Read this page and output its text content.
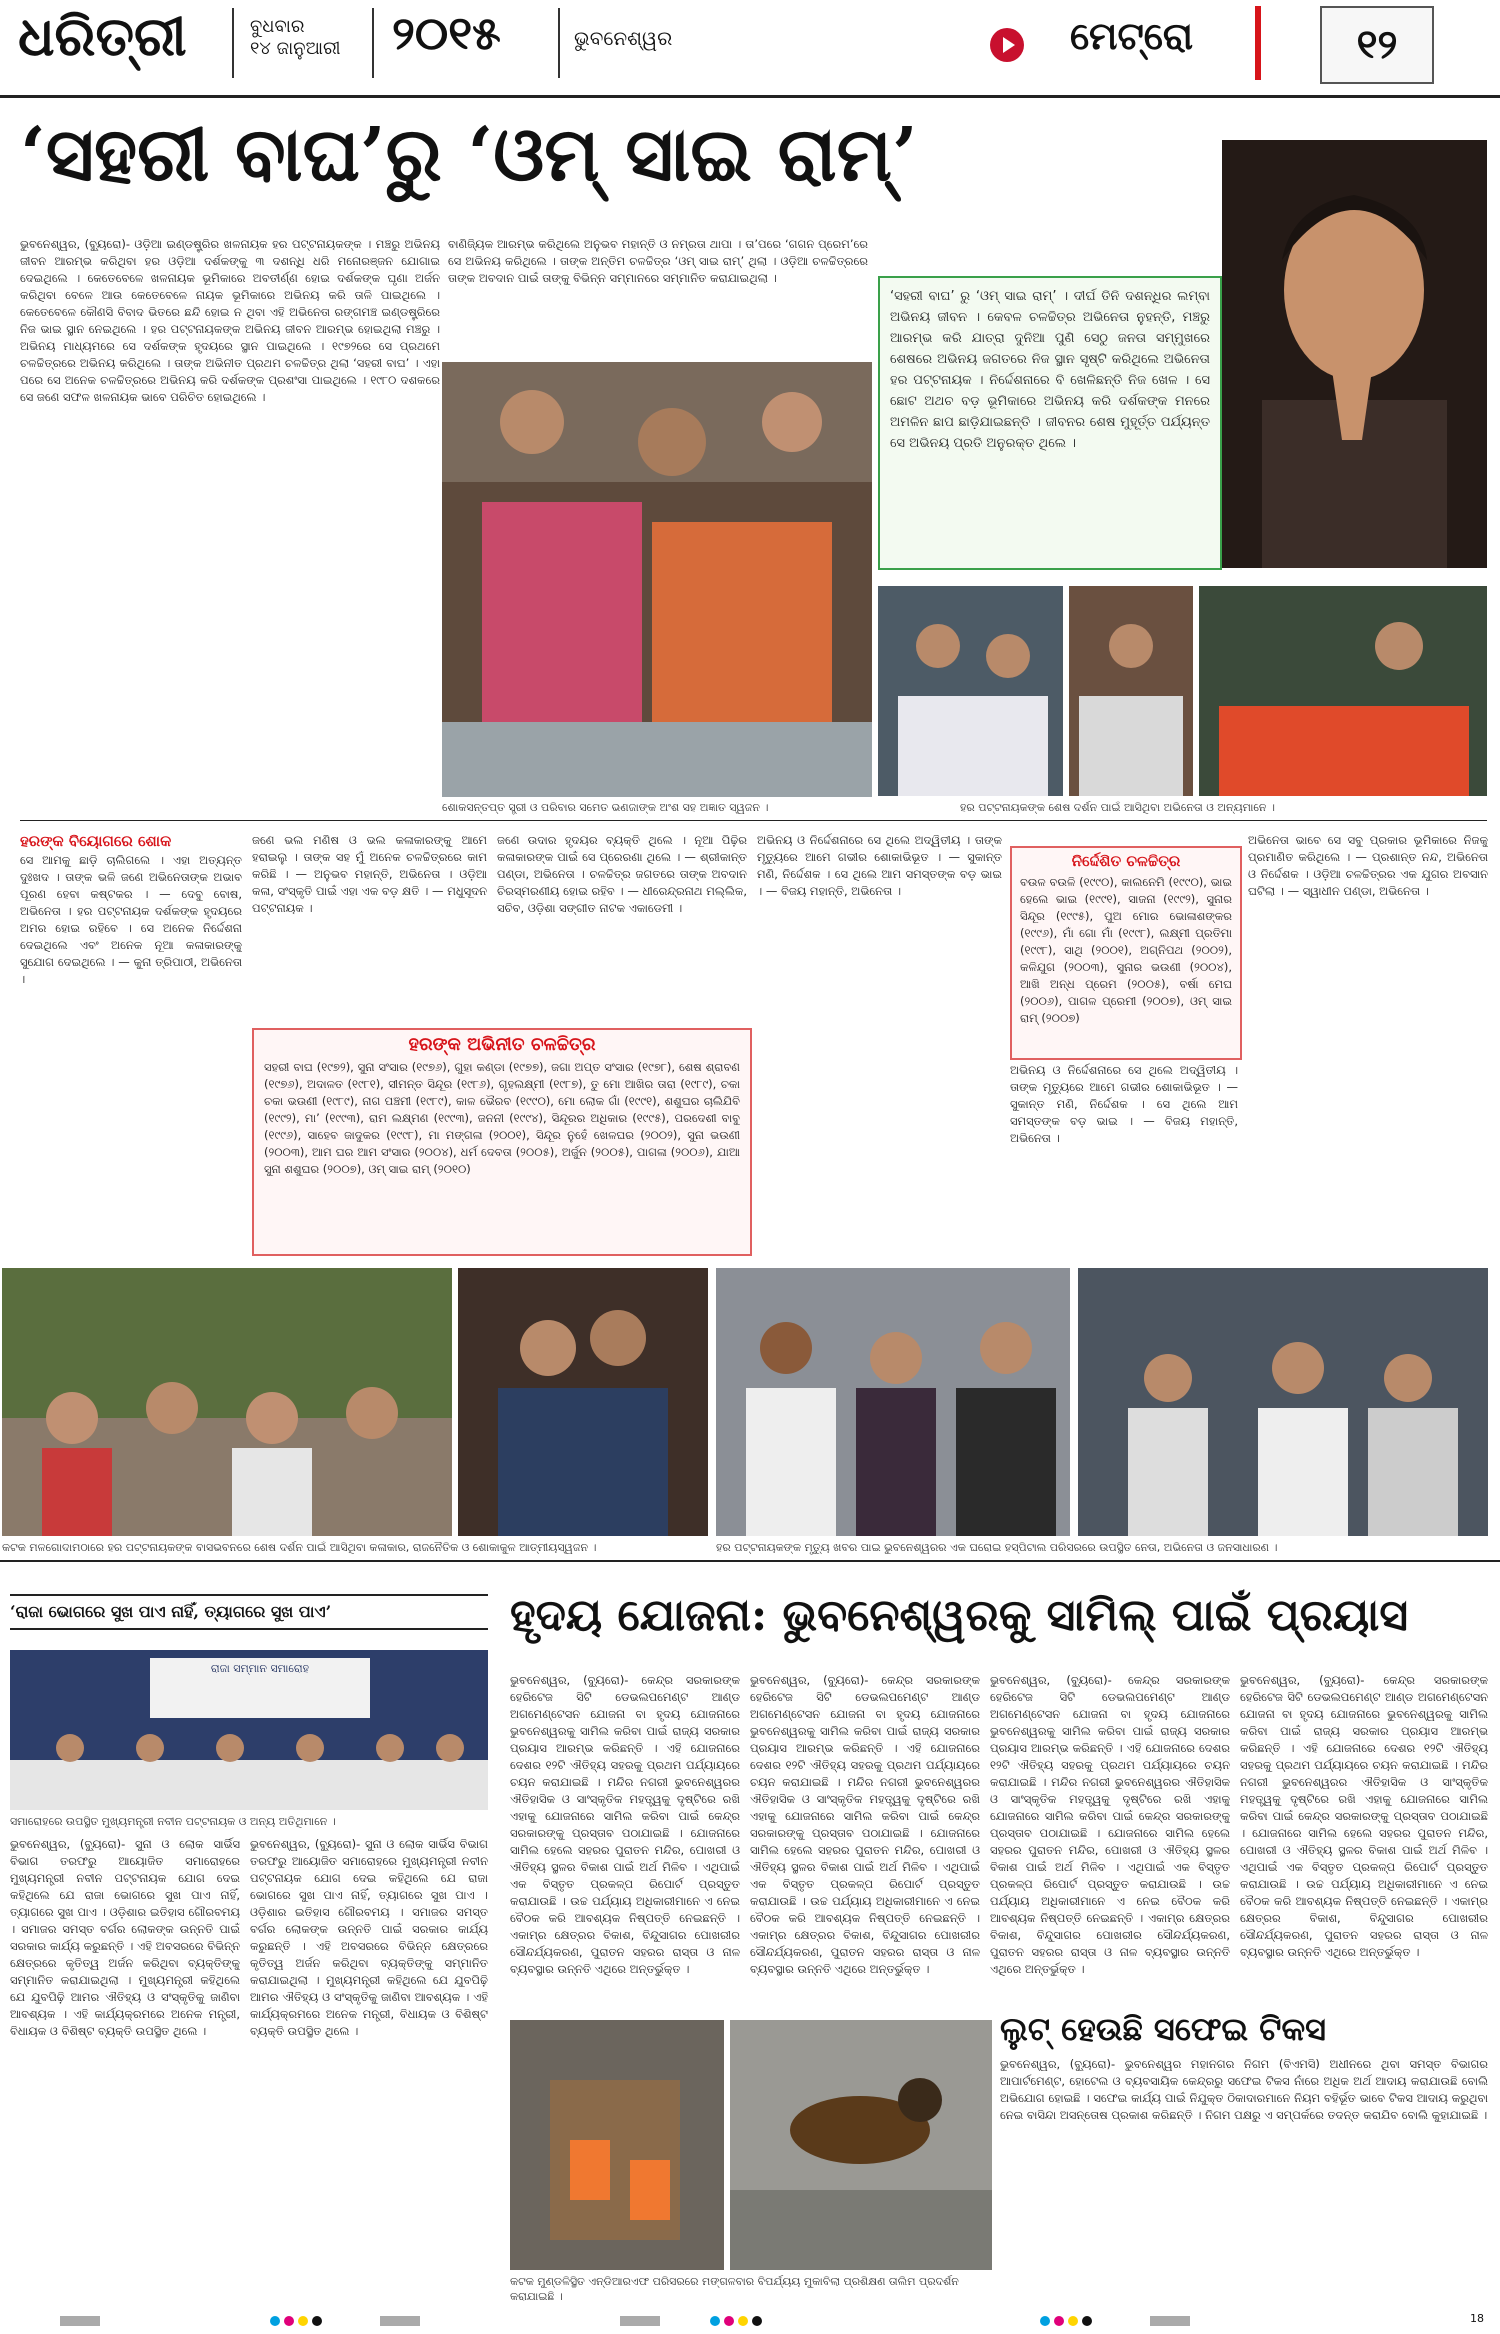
ଧରିତ୍ରୀ	ବୁଧବାର
୧୪ ଜାନୁଆରୀ ୨୦୧୫	ଭୁବନେଶ୍ୱର	ମେଟ୍ରୋ	୧୨
‘ସହରୀ ବାଘ’ରୁ ‘ଓମ୍ ସାଇ ରାମ୍’
ଭୁବନେଶ୍ୱର, (ବ୍ୟୁରୋ)- ଓଡ଼ିଆ ଇଣ୍ଡଷ୍ଟ୍ରିର ଖଳନାୟକ ହର ପଟ୍ଟନାୟକଙ୍କ । ମଞ୍ଚରୁ ଅଭିନୟ ଜୀବନ ଆରମ୍ଭ କରିଥିବା ହର ଓଡ଼ିଆ ଦର୍ଶକଙ୍କୁ ୩ ଦଶନ୍ଧି ଧରି ମନୋରଞ୍ଜନ ଯୋଗାଇ ଦେଇଥିଲେ । କେତେବେଳେ ଖଳନାୟକ ଭୂମିକାରେ ଅବତୀର୍ଣ୍ଣ ହୋଇ ଦର୍ଶକଙ୍କ ଘୃଣା ଅର୍ଜନ କରିଥିବା ବେଳେ ଆଉ କେତେବେଳେ ନାୟକ ଭୂମିକାରେ ଅଭିନୟ କରି ତାଳି ପାଇଥିଲେ । କେତେବେଳେ କୌଣସି ବିବାଦ ଭିତରେ ଛନ୍ଦି ହୋଇ ନ ଥିବା ଏହି ଅଭିନେତା ରଙ୍ଗମଞ୍ଚ ଇଣ୍ଡଷ୍ଟ୍ରିରେ ନିଜ ଭାଇ ସ୍ଥାନ ନେଇଥିଲେ । ହର ପଟ୍ଟନାୟକଙ୍କ ଅଭିନୟ ଜୀବନ ଆରମ୍ଭ ହୋଇଥିଲା ମଞ୍ଚରୁ । ଅଭିନୟ ମାଧ୍ୟମରେ ସେ ଦର୍ଶକଙ୍କ ହୃଦୟରେ ସ୍ଥାନ ପାଇଥିଲେ । ୧୯୭୨ରେ ସେ ପ୍ରଥମେ ଚଳଚ୍ଚିତ୍ରରେ ଅଭିନୟ କରିଥିଲେ । ତାଙ୍କ ଅଭିନୀତ ପ୍ରଥମ ଚଳଚ୍ଚିତ୍ର ଥିଲା ‘ସହରୀ ବାଘ’ । ଏହା ପରେ ସେ ଅନେକ ଚଳଚ୍ଚିତ୍ରରେ ଅଭିନୟ କରି ଦର୍ଶକଙ୍କ ପ୍ରଶଂସା ପାଇଥିଲେ । ୧୯୮୦ ଦଶକରେ ସେ ଜଣେ ସଫଳ ଖଳନାୟକ ଭାବେ ପରିଚିତ ହୋଇଥିଲେ ।
ବାଣିଜ୍ୟିକ ଆରମ୍ଭ କରିଥିଲେ ଅନୁଭବ ମହାନ୍ତି ଓ ନମ୍ରତା ଥାପା । ତା’ପରେ ‘ଗଗନ ପ୍ରେମ’ରେ ସେ ଅଭିନୟ କରିଥିଲେ । ତାଙ୍କ ଅନ୍ତିମ ଚଳଚ୍ଚିତ୍ର ‘ଓମ୍ ସାଇ ରାମ୍’ ଥିଲା । ଓଡ଼ିଆ ଚଳଚ୍ଚିତ୍ରରେ ତାଙ୍କ ଅବଦାନ ପାଇଁ ତାଙ୍କୁ ବିଭିନ୍ନ ସମ୍ମାନରେ ସମ୍ମାନିତ କରାଯାଇଥିଲା ।
‘ସହରୀ ବାଘ’ ରୁ ‘ଓମ୍ ସାଇ ରାମ୍’ । ଦୀର୍ଘ ତିନି ଦଶନ୍ଧିର ଲମ୍ବା ଅଭିନୟ ଜୀବନ । କେବଳ ଚଳଚ୍ଚିତ୍ର ଅଭିନେତା ନୁହନ୍ତି, ମଞ୍ଚରୁ ଆରମ୍ଭ କରି ଯାତ୍ରା ଦୁନିଆ ପୁଣି ସେଠୁ ଜନତା ସମ୍ମୁଖରେ ଶେଷରେ ଅଭିନୟ ଜଗତରେ ନିଜ ସ୍ଥାନ ସୃଷ୍ଟି କରିଥିଲେ ଅଭିନେତା ହର ପଟ୍ଟନାୟକ । ନିର୍ଦ୍ଦେଶନାରେ ବି ଖେଳିଛନ୍ତି ନିଜ ଖେଳ । ସେ ଛୋଟ ଅଥଚ ବଡ଼ ଭୂମିକାରେ ଅଭିନୟ କରି ଦର୍ଶକଙ୍କ ମନରେ ଅମଳିନ ଛାପ ଛାଡ଼ିଯାଇଛନ୍ତି । ଜୀବନର ଶେଷ ମୁହୂର୍ତ୍ତ ପର୍ଯ୍ୟନ୍ତ ସେ ଅଭିନୟ ପ୍ରତି ଅନୁରକ୍ତ ଥିଲେ ।
ଶୋକସନ୍ତପ୍ତ ସ୍ତ୍ରୀ ଓ ପରିବାର ସମେତ ଭଣଜାଙ୍କ ଅଂଶ ସହ ଅଜ୍ଞାତ ସ୍ୱଜନ ।	ହର ପଟ୍ଟନାୟକଙ୍କ ଶେଷ ଦର୍ଶନ ପାଇଁ ଆସିଥିବା ଅଭିନେତା ଓ ଅନ୍ୟମାନେ ।
ହରଙ୍କ ବିୟୋଗରେ ଶୋକ
ସେ ଆମକୁ ଛାଡ଼ି ଚାଲିଗଲେ । ଏହା ଅତ୍ୟନ୍ତ ଦୁଃଖଦ । ତାଙ୍କ ଭଳି ଜଣେ ଅଭିନେତାଙ୍କ ଅଭାବ ପୂରଣ ହେବା କଷ୍ଟକର । — ଦେବୁ ବୋଷ, ଅଭିନେତା । ହର ପଟ୍ଟନାୟକ ଦର୍ଶକଙ୍କ ହୃଦୟରେ ଅମର ହୋଇ ରହିବେ । ସେ ଅନେକ ନିର୍ଦ୍ଦେଶନା ଦେଇଥିଲେ ଏବଂ ଅନେକ ନୂଆ କଳାକାରଙ୍କୁ ସୁଯୋଗ ଦେଇଥିଲେ । — କୁନା ତ୍ରିପାଠୀ, ଅଭିନେତା ।
ଜଣେ ଭଲ ମଣିଷ ଓ ଭଲ କଳାକାରଙ୍କୁ ଆମେ ହରାଇଲୁ । ତାଙ୍କ ସହ ମୁଁ ଅନେକ ଚଳଚ୍ଚିତ୍ରରେ କାମ କରିଛି । — ଅନୁଭବ ମହାନ୍ତି, ଅଭିନେତା । ଓଡ଼ିଆ କଳା, ସଂସ୍କୃତି ପାଇଁ ଏହା ଏକ ବଡ଼ କ୍ଷତି । — ମଧୁସୂଦନ ପଟ୍ଟନାୟକ ।
ଜଣେ ଉଦାର ହୃଦୟର ବ୍ୟକ୍ତି ଥିଲେ । ନୂଆ ପିଢ଼ିର କଳାକାରଙ୍କ ପାଇଁ ସେ ପ୍ରେରଣା ଥିଲେ । — ଶ୍ରୀକାନ୍ତ ପଣ୍ଡା, ଅଭିନେତା । ଚଳଚ୍ଚିତ୍ର ଜଗତରେ ତାଙ୍କ ଅବଦାନ ଚିରସ୍ମରଣୀୟ ହୋଇ ରହିବ । — ଧୀରେନ୍ଦ୍ରନାଥ ମଲ୍ଲିକ, ସଚିବ, ଓଡ଼ିଶା ସଙ୍ଗୀତ ନାଟକ ଏକାଡେମୀ ।
ଅଭିନୟ ଓ ନିର୍ଦ୍ଦେଶନାରେ ସେ ଥିଲେ ଅଦ୍ୱିତୀୟ । ତାଙ୍କ ମୃତ୍ୟୁରେ ଆମେ ଗଭୀର ଶୋକାଭିଭୂତ । — ସୁକାନ୍ତ ମଣି, ନିର୍ଦ୍ଦେଶକ । ସେ ଥିଲେ ଆମ ସମସ୍ତଙ୍କ ବଡ଼ ଭାଇ । — ବିଜୟ ମହାନ୍ତି, ଅଭିନେତା ।
ନିର୍ଦ୍ଦେଶିତ ଚଳଚ୍ଚିତ୍ର
ବଉଳ ବଉଳି (୧୯୯୦), କାଲନେମି (୧୯୯୦), ଭାଇ ହେଲେ ଭାଇ (୧୯୯୧), ସାଜନା (୧୯୯୨), ସୁନାର ସିନ୍ଦୂର (୧୯୯୫), ପୁଅ ମୋର ଭୋଳାଶଙ୍କର (୧୯୯୬), ମାଁ ଗୋ ମାଁ (୧୯୯୮), ଲକ୍ଷ୍ମୀ ପ୍ରତିମା (୧୯୯୮), ସାଥି (୨୦୦୧), ଅଗ୍ନିପଥ (୨୦୦୨), କଳିଯୁଗ (୨୦୦୩), ସୁନାର ଭଉଣୀ (୨୦୦୪), ଆଖି ଅନ୍ଧ ପ୍ରେମ (୨୦୦୫), ବର୍ଷା ମେଘ (୨୦୦୬), ପାଗଳ ପ୍ରେମୀ (୨୦୦୭), ଓମ୍ ସାଇ ରାମ୍ (୨୦୦୭)
ଅଭିନୟ ଓ ନିର୍ଦ୍ଦେଶନାରେ ସେ ଥିଲେ ଅଦ୍ୱିତୀୟ । ତାଙ୍କ ମୃତ୍ୟୁରେ ଆମେ ଗଭୀର ଶୋକାଭିଭୂତ । — ସୁକାନ୍ତ ମଣି, ନିର୍ଦ୍ଦେଶକ । ସେ ଥିଲେ ଆମ ସମସ୍ତଙ୍କ ବଡ଼ ଭାଇ । — ବିଜୟ ମହାନ୍ତି, ଅଭିନେତା ।
ଅଭିନେତା ଭାବେ ସେ ସବୁ ପ୍ରକାର ଭୂମିକାରେ ନିଜକୁ ପ୍ରମାଣିତ କରିଥିଲେ । — ପ୍ରଶାନ୍ତ ନନ୍ଦ, ଅଭିନେତା ଓ ନିର୍ଦ୍ଦେଶକ । ଓଡ଼ିଆ ଚଳଚ୍ଚିତ୍ରର ଏକ ଯୁଗର ଅବସାନ ଘଟିଲା । — ସ୍ୱାଧୀନ ପଣ୍ଡା, ଅଭିନେତା ।
ହରଙ୍କ ଅଭିନୀତ ଚଳଚ୍ଚିତ୍ର
ସହରୀ ବାଘ (୧୯୭୨), ସୁନା ସଂସାର (୧୯୭୬), ଗୁହା କଣ୍ଡା (୧୯୭୭), ଜଗା ଅପ୍ତ ସଂସାର (୧୯୭୮), ଶେଷ ଶ୍ରାବଣ (୧୯୭୬), ଅଦାଳତ (୧୯୮୧), ସୀମନ୍ତ ସିନ୍ଦୂର (୧୯୮୬), ଗୃହଲକ୍ଷ୍ମୀ (୧୯୮୭), ତୁ ମୋ ଆଖିର ତାରା (୧୯୮୯), ଚକା ଚକା ଭଉଣୀ (୧୯୮୯), ନାଗ ପଞ୍ଚମୀ (୧୯୮୯), କାଳ ଭୈରବ (୧୯୯୦), ମୋ ଲୋକ ଗାଁ (୧୯୯୧), ଶଶୁଘର ଚାଲିଯିବି (୧୯୯୨), ମା’ (୧୯୯୩), ରାମ ଲକ୍ଷ୍ମଣ (୧୯୯୩), ଜନନୀ (୧୯୯୪), ସିନ୍ଦୂରର ଅଧିକାର (୧୯୯୫), ପରଦେଶୀ ବାବୁ (୧୯୯୬), ସାହେବ ଜାଦୁକର (୧୯୯୮), ମା ମଙ୍ଗଳା (୨୦୦୧), ସିନ୍ଦୂର ନୁହେଁ ଖେଳଘର (୨୦୦୨), ସୁନା ଭଉଣୀ (୨୦୦୩), ଆମ ଘର ଆମ ସଂସାର (୨୦୦୪), ଧର୍ମ ଦେବତା (୨୦୦୫), ଅର୍ଜୁନ (୨୦୦୫), ପାଗଳା (୨୦୦୬), ଯାଆ ସୁନା ଶଶୁଘର (୨୦୦୭), ଓମ୍ ସାଇ ରାମ୍ (୨୦୧୦)
କଟକ ମଳଗୋଦାମଠାରେ ହର ପଟ୍ଟନାୟକଙ୍କ ବାସଭବନରେ ଶେଷ ଦର୍ଶନ ପାଇଁ ଆସିଥିବା କଳାକାର, ରାଜନୈତିକ ଓ ଶୋକାକୁଳ ଆତ୍ମୀୟସ୍ୱଜନ ।	ହର ପଟ୍ଟନାୟକଙ୍କ ମୃତ୍ୟୁ ଖବର ପାଇ ଭୁବନେଶ୍ୱରର ଏକ ଘରୋଇ ହସ୍ପିଟାଲ ପରିସରରେ ଉପସ୍ଥିତ ନେତା, ଅଭିନେତା ଓ ଜନସାଧାରଣ ।
‘ରାଜା ଭୋଗରେ ସୁଖ ପାଏ ନାହିଁ, ତ୍ୟାଗରେ ସୁଖ ପାଏ’
ରାଜା ସମ୍ମାନ ସମାରୋହ
ସମାରୋହରେ ଉପସ୍ଥିତ ମୁଖ୍ୟମନ୍ତ୍ରୀ ନବୀନ ପଟ୍ଟନାୟକ ଓ ଅନ୍ୟ ଅତିଥିମାନେ ।
ଭୁବନେଶ୍ୱର, (ବ୍ୟୁରୋ)- ସୁନା ଓ ଲୋକ ସାର୍ଭିସ ବିଭାଗ ତରଫରୁ ଆୟୋଜିତ ସମାରୋହରେ ମୁଖ୍ୟମନ୍ତ୍ରୀ ନବୀନ ପଟ୍ଟନାୟକ ଯୋଗ ଦେଇ କହିଥିଲେ ଯେ ରାଜା ଭୋଗରେ ସୁଖ ପାଏ ନାହିଁ, ତ୍ୟାଗରେ ସୁଖ ପାଏ । ଓଡ଼ିଶାର ଇତିହାସ ଗୌରବମୟ । ସମାଜର ସମସ୍ତ ବର୍ଗର ଲୋକଙ୍କ ଉନ୍ନତି ପାଇଁ ସରକାର କାର୍ଯ୍ୟ କରୁଛନ୍ତି । ଏହି ଅବସରରେ ବିଭିନ୍ନ କ୍ଷେତ୍ରରେ କୃତିତ୍ୱ ଅର୍ଜନ କରିଥିବା ବ୍ୟକ୍ତିଙ୍କୁ ସମ୍ମାନିତ କରାଯାଇଥିଲା । ମୁଖ୍ୟମନ୍ତ୍ରୀ କହିଥିଲେ ଯେ ଯୁବପିଢ଼ି ଆମର ଐତିହ୍ୟ ଓ ସଂସ୍କୃତିକୁ ଜାଣିବା ଆବଶ୍ୟକ । ଏହି କାର୍ଯ୍ୟକ୍ରମରେ ଅନେକ ମନ୍ତ୍ରୀ, ବିଧାୟକ ଓ ବିଶିଷ୍ଟ ବ୍ୟକ୍ତି ଉପସ୍ଥିତ ଥିଲେ ।
ଭୁବନେଶ୍ୱର, (ବ୍ୟୁରୋ)- ସୁନା ଓ ଲୋକ ସାର୍ଭିସ ବିଭାଗ ତରଫରୁ ଆୟୋଜିତ ସମାରୋହରେ ମୁଖ୍ୟମନ୍ତ୍ରୀ ନବୀନ ପଟ୍ଟନାୟକ ଯୋଗ ଦେଇ କହିଥିଲେ ଯେ ରାଜା ଭୋଗରେ ସୁଖ ପାଏ ନାହିଁ, ତ୍ୟାଗରେ ସୁଖ ପାଏ । ଓଡ଼ିଶାର ଇତିହାସ ଗୌରବମୟ । ସମାଜର ସମସ୍ତ ବର୍ଗର ଲୋକଙ୍କ ଉନ୍ନତି ପାଇଁ ସରକାର କାର୍ଯ୍ୟ କରୁଛନ୍ତି । ଏହି ଅବସରରେ ବିଭିନ୍ନ କ୍ଷେତ୍ରରେ କୃତିତ୍ୱ ଅର୍ଜନ କରିଥିବା ବ୍ୟକ୍ତିଙ୍କୁ ସମ୍ମାନିତ କରାଯାଇଥିଲା । ମୁଖ୍ୟମନ୍ତ୍ରୀ କହିଥିଲେ ଯେ ଯୁବପିଢ଼ି ଆମର ଐତିହ୍ୟ ଓ ସଂସ୍କୃତିକୁ ଜାଣିବା ଆବଶ୍ୟକ । ଏହି କାର୍ଯ୍ୟକ୍ରମରେ ଅନେକ ମନ୍ତ୍ରୀ, ବିଧାୟକ ଓ ବିଶିଷ୍ଟ ବ୍ୟକ୍ତି ଉପସ୍ଥିତ ଥିଲେ ।
ହୃଦୟ ଯୋଜନା: ଭୁବନେଶ୍ୱରକୁ ସାମିଲ୍ ପାଇଁ ପ୍ରୟାସ
ଭୁବନେଶ୍ୱର, (ବ୍ୟୁରୋ)- କେନ୍ଦ୍ର ସରକାରଙ୍କ ହେରିଟେଜ ସିଟି ଡେଭଲପମେଣ୍ଟ ଆଣ୍ଡ ଅଗମେଣ୍ଟେସନ ଯୋଜନା ବା ହୃଦୟ ଯୋଜନାରେ ଭୁବନେଶ୍ୱରକୁ ସାମିଲ କରିବା ପାଇଁ ରାଜ୍ୟ ସରକାର ପ୍ରୟାସ ଆରମ୍ଭ କରିଛନ୍ତି । ଏହି ଯୋଜନାରେ ଦେଶର ୧୨ଟି ଐତିହ୍ୟ ସହରକୁ ପ୍ରଥମ ପର୍ଯ୍ୟାୟରେ ଚୟନ କରାଯାଇଛି । ମନ୍ଦିର ନଗରୀ ଭୁବନେଶ୍ୱରର ଐତିହାସିକ ଓ ସାଂସ୍କୃତିକ ମହତ୍ତ୍ୱକୁ ଦୃଷ୍ଟିରେ ରଖି ଏହାକୁ ଯୋଜନାରେ ସାମିଲ କରିବା ପାଇଁ କେନ୍ଦ୍ର ସରକାରଙ୍କୁ ପ୍ରସ୍ତାବ ପଠାଯାଇଛି । ଯୋଜନାରେ ସାମିଲ ହେଲେ ସହରର ପୁରାତନ ମନ୍ଦିର, ପୋଖରୀ ଓ ଐତିହ୍ୟ ସ୍ଥଳର ବିକାଶ ପାଇଁ ଅର୍ଥ ମିଳିବ । ଏଥିପାଇଁ ଏକ ବିସ୍ତୃତ ପ୍ରକଳ୍ପ ରିପୋର୍ଟ ପ୍ରସ୍ତୁତ କରାଯାଉଛି । ଉଚ୍ଚ ପର୍ଯ୍ୟାୟ ଅଧିକାରୀମାନେ ଏ ନେଇ ବୈଠକ କରି ଆବଶ୍ୟକ ନିଷ୍ପତ୍ତି ନେଇଛନ୍ତି । ଏକାମ୍ର କ୍ଷେତ୍ରର ବିକାଶ, ବିନ୍ଦୁସାଗର ପୋଖରୀର ସୌନ୍ଦର୍ଯ୍ୟକରଣ, ପୁରାତନ ସହରର ରାସ୍ତା ଓ ନାଳ ବ୍ୟବସ୍ଥାର ଉନ୍ନତି ଏଥିରେ ଅନ୍ତର୍ଭୁକ୍ତ ।
ଭୁବନେଶ୍ୱର, (ବ୍ୟୁରୋ)- କେନ୍ଦ୍ର ସରକାରଙ୍କ ହେରିଟେଜ ସିଟି ଡେଭଲପମେଣ୍ଟ ଆଣ୍ଡ ଅଗମେଣ୍ଟେସନ ଯୋଜନା ବା ହୃଦୟ ଯୋଜନାରେ ଭୁବନେଶ୍ୱରକୁ ସାମିଲ କରିବା ପାଇଁ ରାଜ୍ୟ ସରକାର ପ୍ରୟାସ ଆରମ୍ଭ କରିଛନ୍ତି । ଏହି ଯୋଜନାରେ ଦେଶର ୧୨ଟି ଐତିହ୍ୟ ସହରକୁ ପ୍ରଥମ ପର୍ଯ୍ୟାୟରେ ଚୟନ କରାଯାଇଛି । ମନ୍ଦିର ନଗରୀ ଭୁବନେଶ୍ୱରର ଐତିହାସିକ ଓ ସାଂସ୍କୃତିକ ମହତ୍ତ୍ୱକୁ ଦୃଷ୍ଟିରେ ରଖି ଏହାକୁ ଯୋଜନାରେ ସାମିଲ କରିବା ପାଇଁ କେନ୍ଦ୍ର ସରକାରଙ୍କୁ ପ୍ରସ୍ତାବ ପଠାଯାଇଛି । ଯୋଜନାରେ ସାମିଲ ହେଲେ ସହରର ପୁରାତନ ମନ୍ଦିର, ପୋଖରୀ ଓ ଐତିହ୍ୟ ସ୍ଥଳର ବିକାଶ ପାଇଁ ଅର୍ଥ ମିଳିବ । ଏଥିପାଇଁ ଏକ ବିସ୍ତୃତ ପ୍ରକଳ୍ପ ରିପୋର୍ଟ ପ୍ରସ୍ତୁତ କରାଯାଉଛି । ଉଚ୍ଚ ପର୍ଯ୍ୟାୟ ଅଧିକାରୀମାନେ ଏ ନେଇ ବୈଠକ କରି ଆବଶ୍ୟକ ନିଷ୍ପତ୍ତି ନେଇଛନ୍ତି । ଏକାମ୍ର କ୍ଷେତ୍ରର ବିକାଶ, ବିନ୍ଦୁସାଗର ପୋଖରୀର ସୌନ୍ଦର୍ଯ୍ୟକରଣ, ପୁରାତନ ସହରର ରାସ୍ତା ଓ ନାଳ ବ୍ୟବସ୍ଥାର ଉନ୍ନତି ଏଥିରେ ଅନ୍ତର୍ଭୁକ୍ତ ।
ଭୁବନେଶ୍ୱର, (ବ୍ୟୁରୋ)- କେନ୍ଦ୍ର ସରକାରଙ୍କ ହେରିଟେଜ ସିଟି ଡେଭଲପମେଣ୍ଟ ଆଣ୍ଡ ଅଗମେଣ୍ଟେସନ ଯୋଜନା ବା ହୃଦୟ ଯୋଜନାରେ ଭୁବନେଶ୍ୱରକୁ ସାମିଲ କରିବା ପାଇଁ ରାଜ୍ୟ ସରକାର ପ୍ରୟାସ ଆରମ୍ଭ କରିଛନ୍ତି । ଏହି ଯୋଜନାରେ ଦେଶର ୧୨ଟି ଐତିହ୍ୟ ସହରକୁ ପ୍ରଥମ ପର୍ଯ୍ୟାୟରେ ଚୟନ କରାଯାଇଛି । ମନ୍ଦିର ନଗରୀ ଭୁବନେଶ୍ୱରର ଐତିହାସିକ ଓ ସାଂସ୍କୃତିକ ମହତ୍ତ୍ୱକୁ ଦୃଷ୍ଟିରେ ରଖି ଏହାକୁ ଯୋଜନାରେ ସାମିଲ କରିବା ପାଇଁ କେନ୍ଦ୍ର ସରକାରଙ୍କୁ ପ୍ରସ୍ତାବ ପଠାଯାଇଛି । ଯୋଜନାରେ ସାମିଲ ହେଲେ ସହରର ପୁରାତନ ମନ୍ଦିର, ପୋଖରୀ ଓ ଐତିହ୍ୟ ସ୍ଥଳର ବିକାଶ ପାଇଁ ଅର୍ଥ ମିଳିବ । ଏଥିପାଇଁ ଏକ ବିସ୍ତୃତ ପ୍ରକଳ୍ପ ରିପୋର୍ଟ ପ୍ରସ୍ତୁତ କରାଯାଉଛି । ଉଚ୍ଚ ପର୍ଯ୍ୟାୟ ଅଧିକାରୀମାନେ ଏ ନେଇ ବୈଠକ କରି ଆବଶ୍ୟକ ନିଷ୍ପତ୍ତି ନେଇଛନ୍ତି । ଏକାମ୍ର କ୍ଷେତ୍ରର ବିକାଶ, ବିନ୍ଦୁସାଗର ପୋଖରୀର ସୌନ୍ଦର୍ଯ୍ୟକରଣ, ପୁରାତନ ସହରର ରାସ୍ତା ଓ ନାଳ ବ୍ୟବସ୍ଥାର ଉନ୍ନତି ଏଥିରେ ଅନ୍ତର୍ଭୁକ୍ତ ।
ଭୁବନେଶ୍ୱର, (ବ୍ୟୁରୋ)- କେନ୍ଦ୍ର ସରକାରଙ୍କ ହେରିଟେଜ ସିଟି ଡେଭଲପମେଣ୍ଟ ଆଣ୍ଡ ଅଗମେଣ୍ଟେସନ ଯୋଜନା ବା ହୃଦୟ ଯୋଜନାରେ ଭୁବନେଶ୍ୱରକୁ ସାମିଲ କରିବା ପାଇଁ ରାଜ୍ୟ ସରକାର ପ୍ରୟାସ ଆରମ୍ଭ କରିଛନ୍ତି । ଏହି ଯୋଜନାରେ ଦେଶର ୧୨ଟି ଐତିହ୍ୟ ସହରକୁ ପ୍ରଥମ ପର୍ଯ୍ୟାୟରେ ଚୟନ କରାଯାଇଛି । ମନ୍ଦିର ନଗରୀ ଭୁବନେଶ୍ୱରର ଐତିହାସିକ ଓ ସାଂସ୍କୃତିକ ମହତ୍ତ୍ୱକୁ ଦୃଷ୍ଟିରେ ରଖି ଏହାକୁ ଯୋଜନାରେ ସାମିଲ କରିବା ପାଇଁ କେନ୍ଦ୍ର ସରକାରଙ୍କୁ ପ୍ରସ୍ତାବ ପଠାଯାଇଛି । ଯୋଜନାରେ ସାମିଲ ହେଲେ ସହରର ପୁରାତନ ମନ୍ଦିର, ପୋଖରୀ ଓ ଐତିହ୍ୟ ସ୍ଥଳର ବିକାଶ ପାଇଁ ଅର୍ଥ ମିଳିବ । ଏଥିପାଇଁ ଏକ ବିସ୍ତୃତ ପ୍ରକଳ୍ପ ରିପୋର୍ଟ ପ୍ରସ୍ତୁତ କରାଯାଉଛି । ଉଚ୍ଚ ପର୍ଯ୍ୟାୟ ଅଧିକାରୀମାନେ ଏ ନେଇ ବୈଠକ କରି ଆବଶ୍ୟକ ନିଷ୍ପତ୍ତି ନେଇଛନ୍ତି । ଏକାମ୍ର କ୍ଷେତ୍ରର ବିକାଶ, ବିନ୍ଦୁସାଗର ପୋଖରୀର ସୌନ୍ଦର୍ଯ୍ୟକରଣ, ପୁରାତନ ସହରର ରାସ୍ତା ଓ ନାଳ ବ୍ୟବସ୍ଥାର ଉନ୍ନତି ଏଥିରେ ଅନ୍ତର୍ଭୁକ୍ତ ।
କଟକ ମୁଣ୍ଡଳିସ୍ଥିତ ଏନ୍‌ଡିଆରଏଫ ପରିସରରେ ମଙ୍ଗଳବାର ବିପର୍ଯ୍ୟୟ ମୁକାବିଲା ପ୍ରଶିକ୍ଷଣ ତାଲିମ ପ୍ରଦର୍ଶନ କରାଯାଇଛି ।
ଲୁଟ୍ ହେଉଛି ସଫେଇ ଟିକସ
ଭୁବନେଶ୍ୱର, (ବ୍ୟୁରୋ)- ଭୁବନେଶ୍ୱର ମହାନଗର ନିଗମ (ବିଏମସି) ଅଧୀନରେ ଥିବା ସମସ୍ତ ବିଭାଗର ଆପାର୍ଟମେଣ୍ଟ, ହୋଟେଲ ଓ ବ୍ୟବସାୟିକ କେନ୍ଦ୍ରରୁ ସଫେଇ ଟିକସ ନାଁରେ ଅଧିକ ଅର୍ଥ ଆଦାୟ କରାଯାଉଛି ବୋଲି ଅଭିଯୋଗ ହୋଇଛି । ସଫେଇ କାର୍ଯ୍ୟ ପାଇଁ ନିଯୁକ୍ତ ଠିକାଦାରମାନେ ନିୟମ ବହିର୍ଭୂତ ଭାବେ ଟିକସ ଆଦାୟ କରୁଥିବା ନେଇ ବାସିନ୍ଦା ଅସନ୍ତୋଷ ପ୍ରକାଶ କରିଛନ୍ତି । ନିଗମ ପକ୍ଷରୁ ଏ ସମ୍ପର୍କରେ ତଦନ୍ତ କରାଯିବ ବୋଲି କୁହାଯାଇଛି ।
18
